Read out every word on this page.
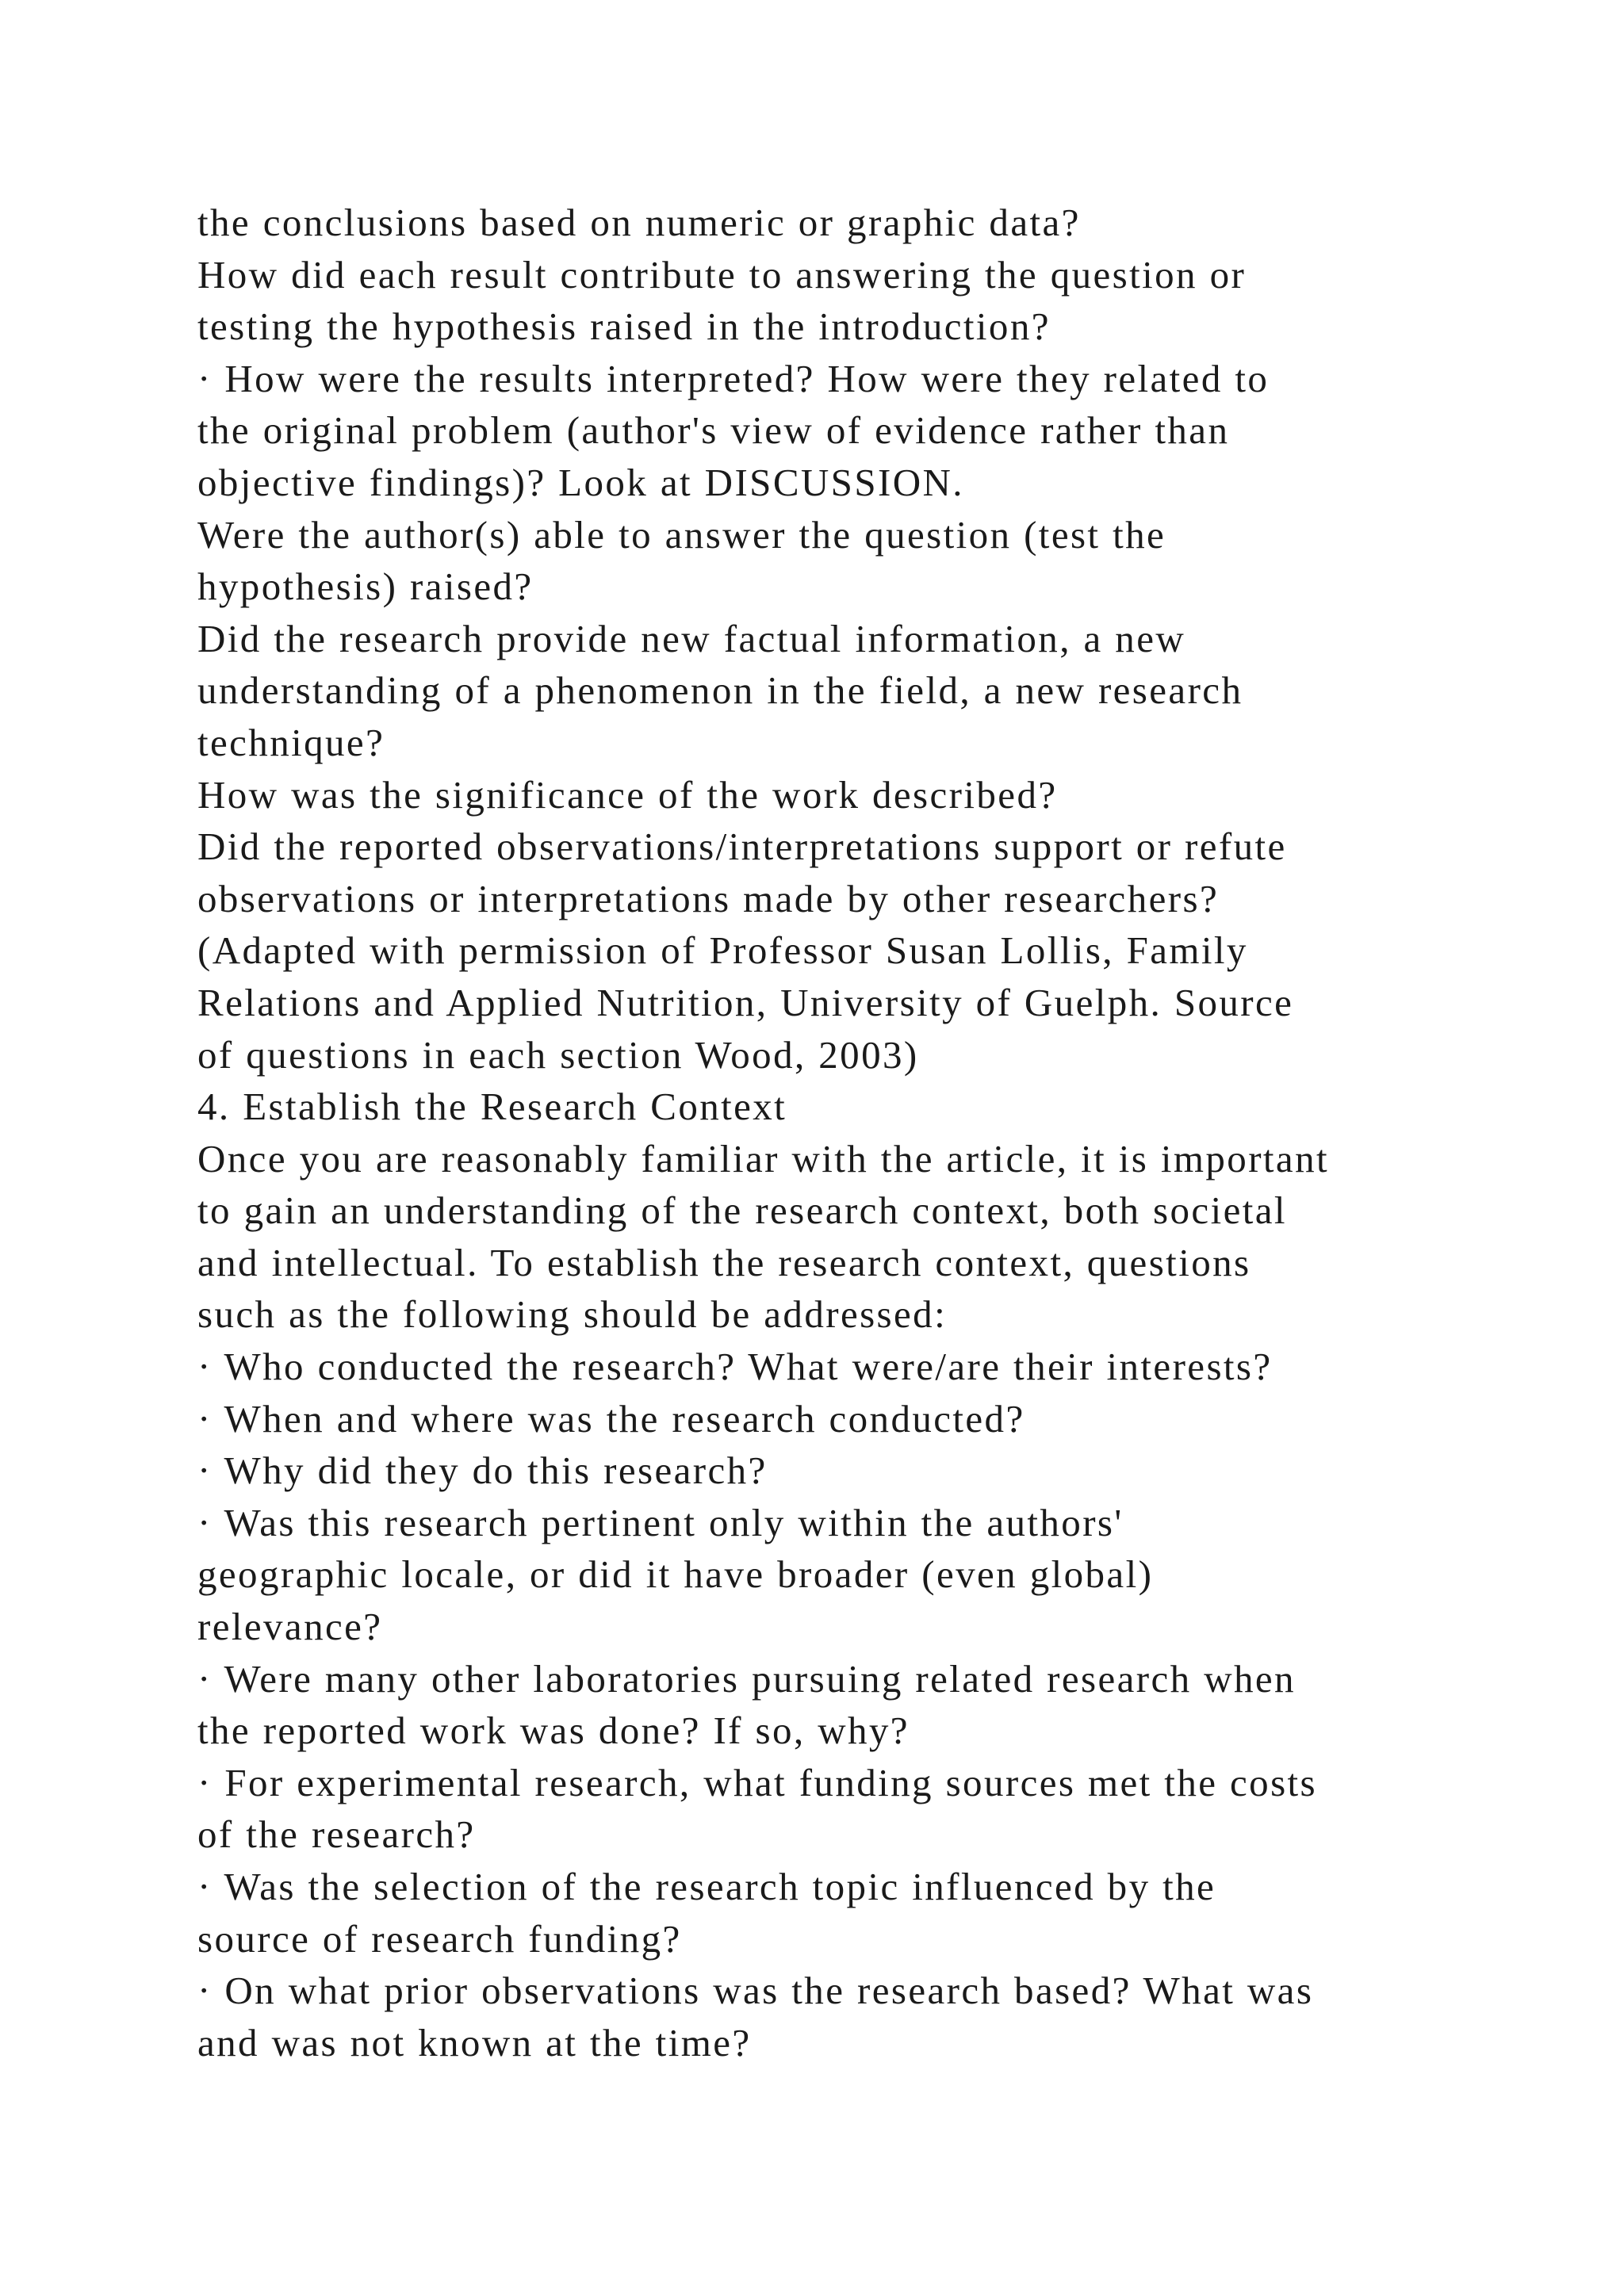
the conclusions based on numeric or graphic data?
How did each result contribute to answering the question or
testing the hypothesis raised in the introduction?
· How were the results interpreted? How were they related to
the original problem (author's view of evidence rather than
objective findings)? Look at DISCUSSION.
Were the author(s) able to answer the question (test the
hypothesis) raised?
Did the research provide new factual information, a new
understanding of a phenomenon in the field, a new research
technique?
How was the significance of the work described?
Did the reported observations/interpretations support or refute
observations or interpretations made by other researchers?
(Adapted with permission of Professor Susan Lollis, Family
Relations and Applied Nutrition, University of Guelph. Source
of questions in each section Wood, 2003)
4. Establish the Research Context
Once you are reasonably familiar with the article, it is important
to gain an understanding of the research context, both societal
and intellectual. To establish the research context, questions
such as the following should be addressed:
· Who conducted the research? What were/are their interests?
· When and where was the research conducted?
· Why did they do this research?
· Was this research pertinent only within the authors'
geographic locale, or did it have broader (even global)
relevance?
· Were many other laboratories pursuing related research when
the reported work was done? If so, why?
· For experimental research, what funding sources met the costs
of the research?
· Was the selection of the research topic influenced by the
source of research funding?
· On what prior observations was the research based? What was
and was not known at the time?
